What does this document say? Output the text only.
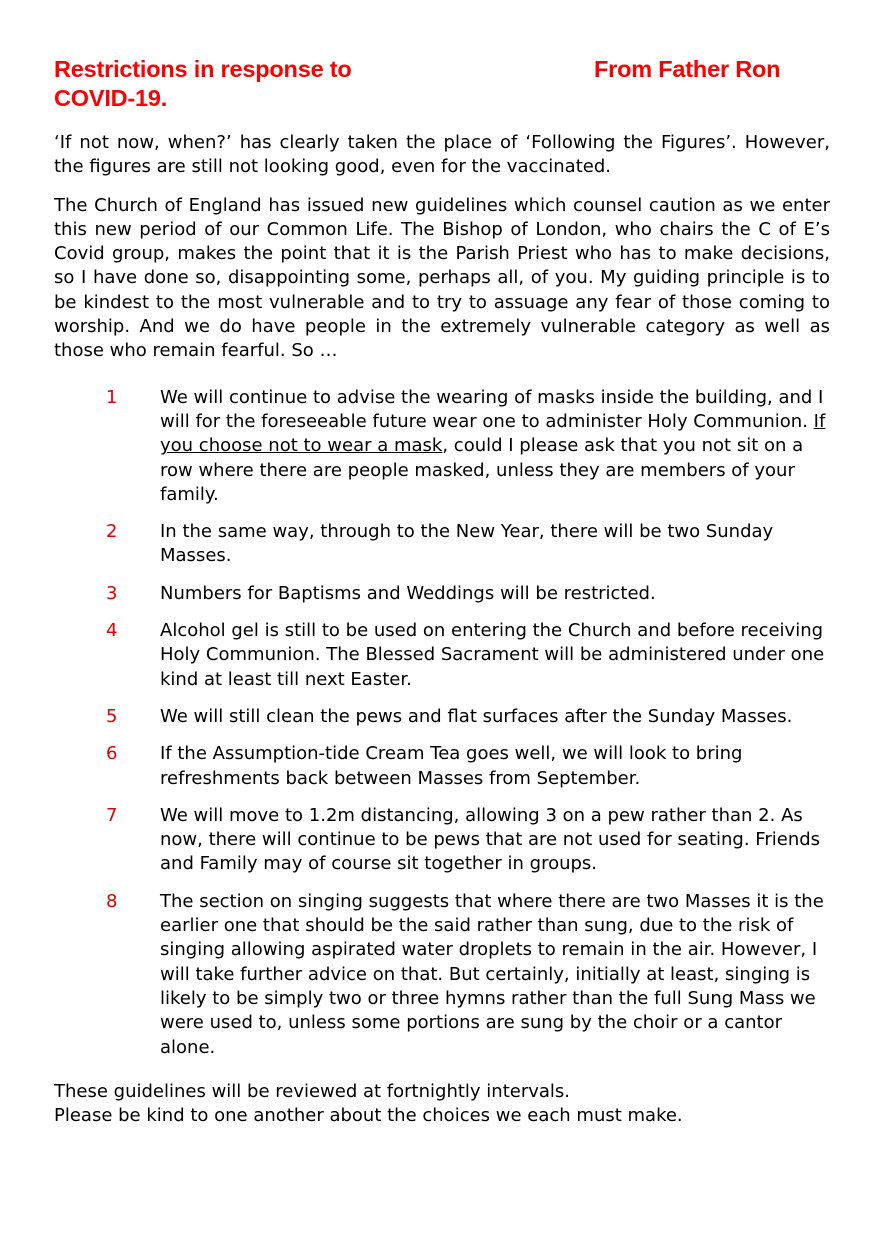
Restrictions in response to COVID-19.
From Father Ron

‘If not now, when?’ has clearly taken the place of ‘Following the Figures’. However, the figures are still not looking good, even for the vaccinated.

The Church of England has issued new guidelines which counsel caution as we enter this new period of our Common Life. The Bishop of London, who chairs the C of E’s Covid group, makes the point that it is the Parish Priest who has to make decisions, so I have done so, disappointing some, perhaps all, of you. My guiding principle is to be kindest to the most vulnerable and to try to assuage any fear of those coming to worship. And we do have people in the extremely vulnerable category as well as those who remain fearful. So …

1 We will continue to advise the wearing of masks inside the building, and I will for the foreseeable future wear one to administer Holy Communion. If you choose not to wear a mask, could I please ask that you not sit on a row where there are people masked, unless they are members of your family.
2 In the same way, through to the New Year, there will be two Sunday Masses.
3 Numbers for Baptisms and Weddings will be restricted.
4 Alcohol gel is still to be used on entering the Church and before receiving Holy Communion. The Blessed Sacrament will be administered under one kind at least till next Easter.
5 We will still clean the pews and flat surfaces after the Sunday Masses.
6 If the Assumption-tide Cream Tea goes well, we will look to bring refreshments back between Masses from September.
7 We will move to 1.2m distancing, allowing 3 on a pew rather than 2. As now, there will continue to be pews that are not used for seating. Friends and Family may of course sit together in groups.
8 The section on singing suggests that where there are two Masses it is the earlier one that should be the said rather than sung, due to the risk of singing allowing aspirated water droplets to remain in the air. However, I will take further advice on that. But certainly, initially at least, singing is likely to be simply two or three hymns rather than the full Sung Mass we were used to, unless some portions are sung by the choir or a cantor alone.
These guidelines will be reviewed at fortnightly intervals.
Please be kind to one another about the choices we each must make.
